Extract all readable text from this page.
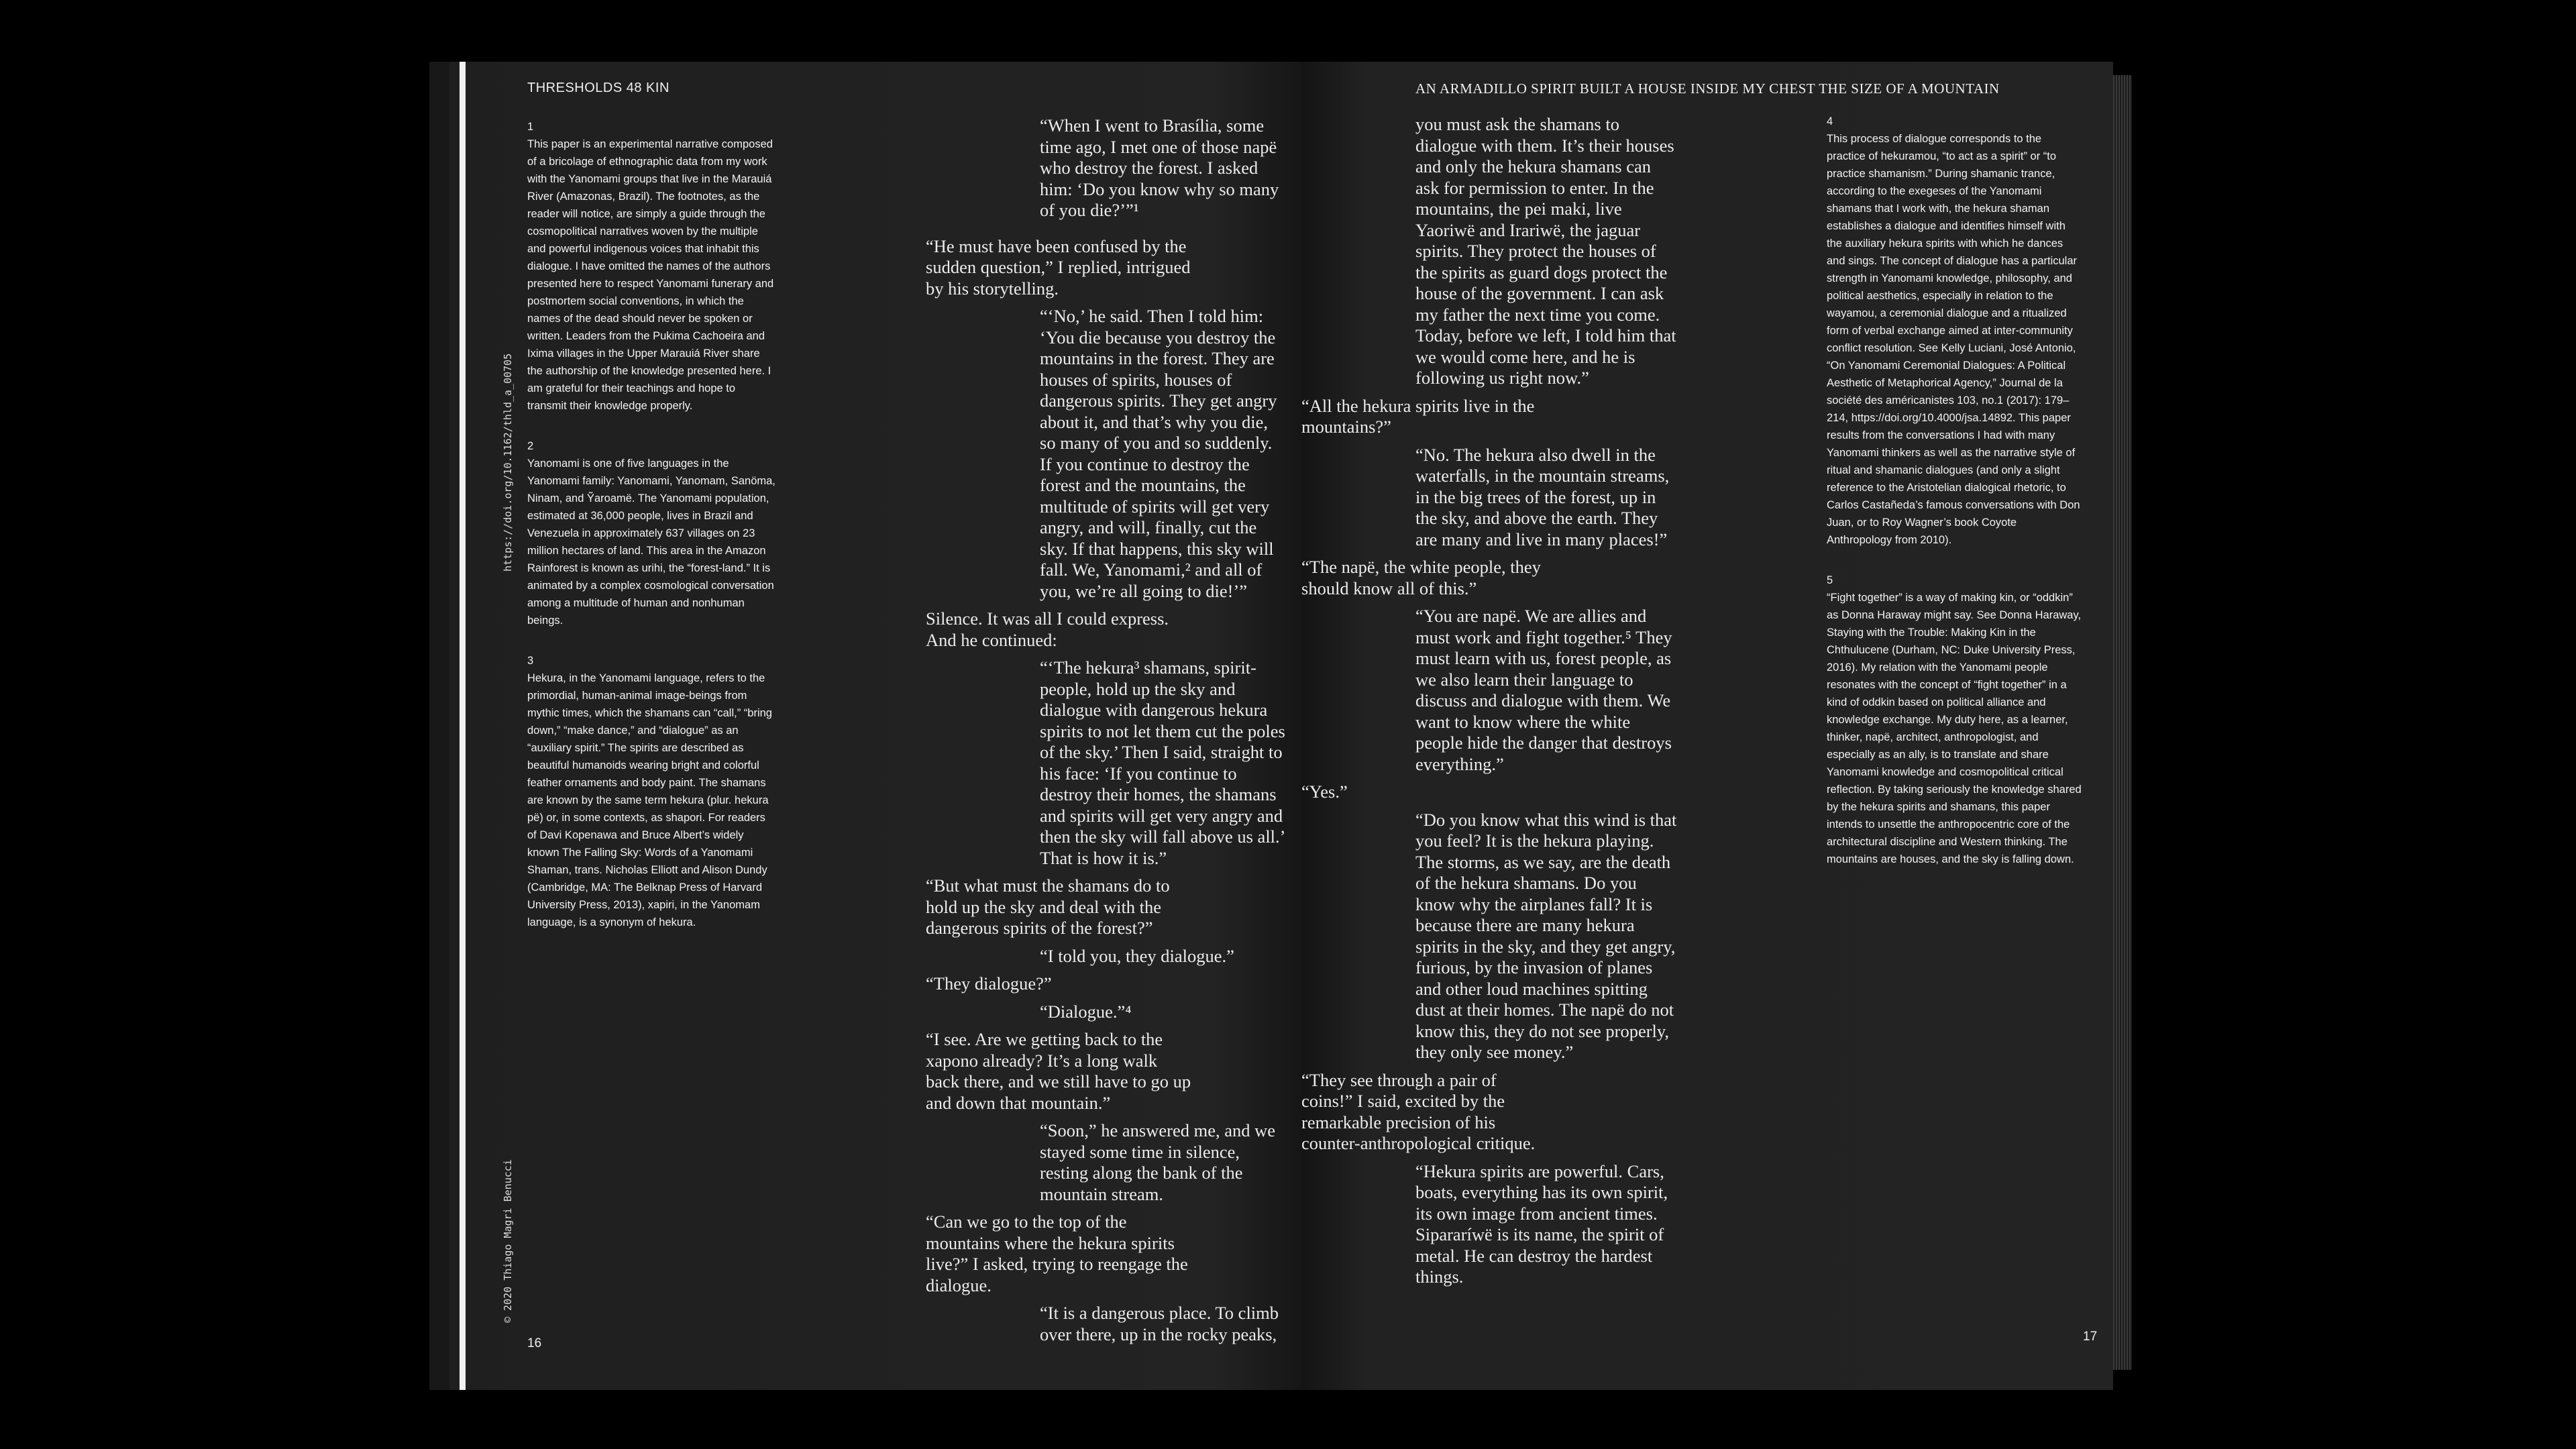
THRESHOLDS 48 KIN
https://doi.org/10.1162/thld_a_00705
© 2020 Thiago Magri Benucci
1
This paper is an experimental narrative composed of a bricolage of ethnographic data from my work with the Yanomami groups that live in the Marauiá River (Amazonas, Brazil). The footnotes, as the reader will notice, are simply a guide through the cosmopolitical narratives woven by the multiple and powerful indigenous voices that inhabit this dialogue. I have omitted the names of the authors presented here to respect Yanomami funerary and postmortem social conventions, in which the names of the dead should never be spoken or written. Leaders from the Pukima Cachoeira and Ixima villages in the Upper Marauiá River share the authorship of the knowledge presented here. I am grateful for their teachings and hope to transmit their knowledge properly.
2
Yanomami is one of five languages in the Yanomami family: Yanomami, Yanomam, Sanöma, Ninam, and Ỹaroamë. The Yanomami population, estimated at 36,000 people, lives in Brazil and Venezuela in approximately 637 villages on 23 million hectares of land. This area in the Amazon Rainforest is known as urihi, the “forest-land.” It is animated by a complex cosmological conversation among a multitude of human and nonhuman beings.
3
Hekura, in the Yanomami language, refers to the primordial, human-animal image-beings from mythic times, which the shamans can “call,” “bring down,” “make dance,” and “dialogue” as an “auxiliary spirit.” The spirits are described as beautiful humanoids wearing bright and colorful feather ornaments and body paint. The shamans are known by the same term hekura (plur. hekura pë) or, in some contexts, as shapori. For readers of Davi Kopenawa and Bruce Albert’s widely known The Falling Sky: Words of a Yanomami Shaman, trans. Nicholas Elliott and Alison Dundy (Cambridge, MA: The Belknap Press of Harvard University Press, 2013), xapiri, in the Yanomam language, is a synonym of hekura.

“When I went to Brasília, some time ago, I met one of those napë who destroy the forest. I asked him: ‘Do you know why so many of you die?’”¹

“He must have been confused by the sudden question,” I replied, intrigued by his storytelling.

“‘No,’ he said. Then I told him: ‘You die because you destroy the mountains in the forest. They are houses of spirits, houses of dangerous spirits. They get angry about it, and that’s why you die, so many of you and so suddenly. If you continue to destroy the forest and the mountains, the multitude of spirits will get very angry, and will, finally, cut the sky. If that happens, this sky will fall. We, Yanomami,² and all of you, we’re all going to die!’”

Silence. It was all I could express. And he continued:

“‘The hekura³ shamans, spirit-people, hold up the sky and dialogue with dangerous hekura spirits to not let them cut the poles of the sky.’ Then I said, straight to his face: ‘If you continue to destroy their homes, the shamans and spirits will get very angry and then the sky will fall above us all.’ That is how it is.”

“But what must the shamans do to hold up the sky and deal with the dangerous spirits of the forest?”

“I told you, they dialogue.”

“They dialogue?”

“Dialogue.”⁴

“I see. Are we getting back to the xapono already? It’s a long walk back there, and we still have to go up and down that mountain.”

“Soon,” he answered me, and we stayed some time in silence, resting along the bank of the mountain stream.

“Can we go to the top of the mountains where the hekura spirits live?” I asked, trying to reengage the dialogue.

“It is a dangerous place. To climb over there, up in the rocky peaks,

16
AN ARMADILLO SPIRIT BUILT A HOUSE INSIDE MY CHEST THE SIZE OF A MOUNTAIN

you must ask the shamans to dialogue with them. It’s their houses and only the hekura shamans can ask for permission to enter. In the mountains, the pei maki, live Yaoriwë and Irariwë, the jaguar spirits. They protect the houses of the spirits as guard dogs protect the house of the government. I can ask my father the next time you come. Today, before we left, I told him that we would come here, and he is following us right now.”

“All the hekura spirits live in the mountains?”

“No. The hekura also dwell in the waterfalls, in the mountain streams, in the big trees of the forest, up in the sky, and above the earth. They are many and live in many places!”

“The napë, the white people, they should know all of this.”

“You are napë. We are allies and must work and fight together.⁵ They must learn with us, forest people, as we also learn their language to discuss and dialogue with them. We want to know where the white people hide the danger that destroys everything.”

“Yes.”

“Do you know what this wind is that you feel? It is the hekura playing. The storms, as we say, are the death of the hekura shamans. Do you know why the airplanes fall? It is because there are many hekura spirits in the sky, and they get angry, furious, by the invasion of planes and other loud machines spitting dust at their homes. The napë do not know this, they do not see properly, they only see money.”

“They see through a pair of coins!” I said, excited by the remarkable precision of his counter-anthropological critique.

“Hekura spirits are powerful. Cars, boats, everything has its own spirit, its own image from ancient times. Sipararíwë is its name, the spirit of metal. He can destroy the hardest things.

4
This process of dialogue corresponds to the practice of hekuramou, “to act as a spirit” or “to practice shamanism.” During shamanic trance, according to the exegeses of the Yanomami shamans that I work with, the hekura shaman establishes a dialogue and identifies himself with the auxiliary hekura spirits with which he dances and sings. The concept of dialogue has a particular strength in Yanomami knowledge, philosophy, and political aesthetics, especially in relation to the wayamou, a ceremonial dialogue and a ritualized form of verbal exchange aimed at inter-community conflict resolution. See Kelly Luciani, José Antonio, “On Yanomami Ceremonial Dialogues: A Political Aesthetic of Metaphorical Agency,” Journal de la société des américanistes 103, no.1 (2017): 179–214, https://doi.org/10.4000/jsa.14892. This paper results from the conversations I had with many Yanomami thinkers as well as the narrative style of ritual and shamanic dialogues (and only a slight reference to the Aristotelian dialogical rhetoric, to Carlos Castañeda’s famous conversations with Don Juan, or to Roy Wagner’s book Coyote Anthropology from 2010).
5
“Fight together” is a way of making kin, or “oddkin” as Donna Haraway might say. See Donna Haraway, Staying with the Trouble: Making Kin in the Chthulucene (Durham, NC: Duke University Press, 2016). My relation with the Yanomami people resonates with the concept of “fight together” in a kind of oddkin based on political alliance and knowledge exchange. My duty here, as a learner, thinker, napë, architect, anthropologist, and especially as an ally, is to translate and share Yanomami knowledge and cosmopolitical critical reflection. By taking seriously the knowledge shared by the hekura spirits and shamans, this paper intends to unsettle the anthropocentric core of the architectural discipline and Western thinking. The mountains are houses, and the sky is falling down.
17
